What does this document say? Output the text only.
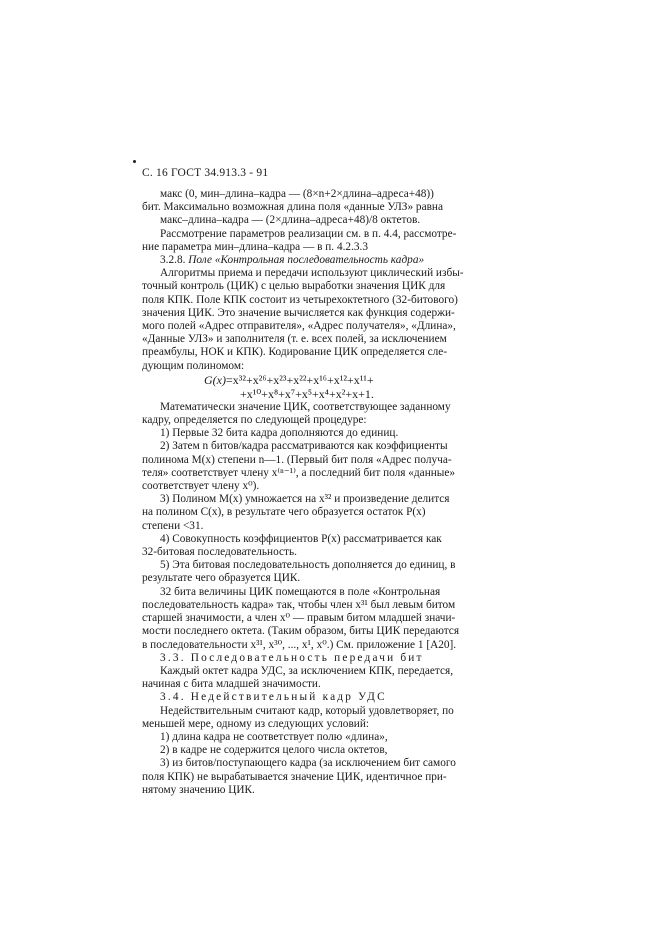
С. 16 ГОСТ 34.913.3 - 91

макс (0, мин–длина–кадра — (8×n+2×длина–адреса+48))

бит. Максимально возможная длина поля «данные УЛЗ» равна

макс–длина–кадра — (2×длина–адреса+48)/8 октетов.

Рассмотрение параметров реализации см. в п. 4.4, рассмотре-

ние параметра мин–длина–кадра — в п. 4.2.3.3

3.2.8. Поле «Контрольная последовательность кадра»

Алгоритмы приема и передачи используют циклический избы-

точный контроль (ЦИК) с целью выработки значения ЦИК для

поля КПК. Поле КПК состоит из четырехоктетного (32-битового)

значения ЦИК. Это значение вычисляется как функция содержи-

мого полей «Адрес отправителя», «Адрес получателя», «Длина»,

«Данные УЛЗ» и заполнителя (т. е. всех полей, за исключением

преамбулы, НОК и КПК). Кодирование ЦИК определяется сле-

дующим полиномом:

G(x)=x³²+x²⁶+x²³+x²²+x¹⁶+x¹²+x¹¹+

+x¹⁰+x⁸+x⁷+x⁵+x⁴+x²+x+1.

Математически значение ЦИК, соответствующее заданному

кадру, определяется по следующей процедуре:

1) Первые 32 бита кадра дополняются до единиц.

2) Затем n битов/кадра рассматриваются как коэффициенты

полинома M(x) степени n—1. (Первый бит поля «Адрес получа-

теля» соответствует члену x⁽ⁿ⁻¹⁾, а последний бит поля «данные»

соответствует члену x⁰).

3) Полином M(x) умножается на x³² и произведение делится

на полином C(x), в результате чего образуется остаток P(x)

степени <31.

4) Совокупность коэффициентов P(x) рассматривается как

32-битовая последовательность.

5) Эта битовая последовательность дополняется до единиц, в

результате чего образуется ЦИК.

32 бита величины ЦИК помещаются в поле «Контрольная

последовательность кадра» так, чтобы член x³¹ был левым битом

старшей значимости, а член x⁰ — правым битом младшей значи-

мости последнего октета. (Таким образом, биты ЦИК передаются

в последовательности x³¹, x³⁰, ..., x¹, x⁰.) См. приложение 1 [A20].

3.3. Последовательность передачи бит

Каждый октет кадра УДС, за исключением КПК, передается,

начиная с бита младшей значимости.

3.4. Недействительный кадр УДС

Недействительным считают кадр, который удовлетворяет, по

меньшей мере, одному из следующих условий:

1) длина кадра не соответствует полю «длина»,

2) в кадре не содержится целого числа октетов,

3) из битов/поступающего кадра (за исключением бит самого

поля КПК) не вырабатывается значение ЦИК, идентичное при-

нятому значению ЦИК.
